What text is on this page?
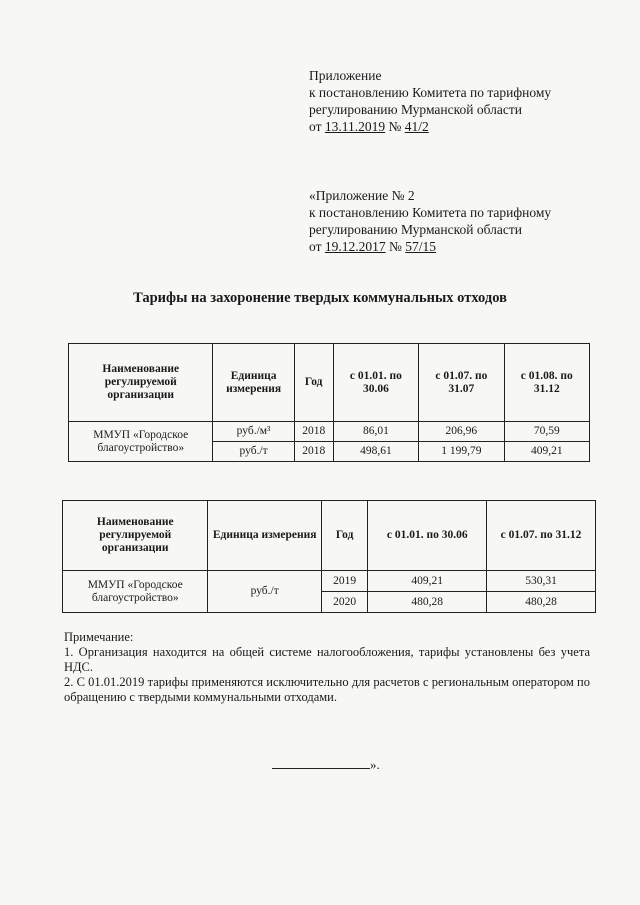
Приложение
к постановлению Комитета по тарифному
регулированию Мурманской области
от 13.11.2019 № 41/2
«Приложение № 2
к постановлению Комитета по тарифному
регулированию Мурманской области
от 19.12.2017 № 57/15
Тарифы на захоронение твердых коммунальных отходов
Наименование регулируемой организации	Единица измерения	Год	с 01.01. по 30.06	с 01.07. по 31.07	с 01.08. по 31.12
ММУП «Городское благоустройство»	руб./м³	2018	86,01	206,96	70,59
	руб./т	2018	498,61	1 199,79	409,21
Наименование регулируемой организации	Единица измерения	Год	с 01.01. по 30.06	с 01.07. по 31.12
ММУП «Городское благоустройство»	руб./т	2019	409,21	530,31
		2020	480,28	480,28

Примечание:

1. Организация находится на общей системе налогообложения, тарифы установлены без учета НДС.

2. С 01.01.2019 тарифы применяются исключительно для расчетов с региональным оператором по обращению с твердыми коммунальными отходами.

».
